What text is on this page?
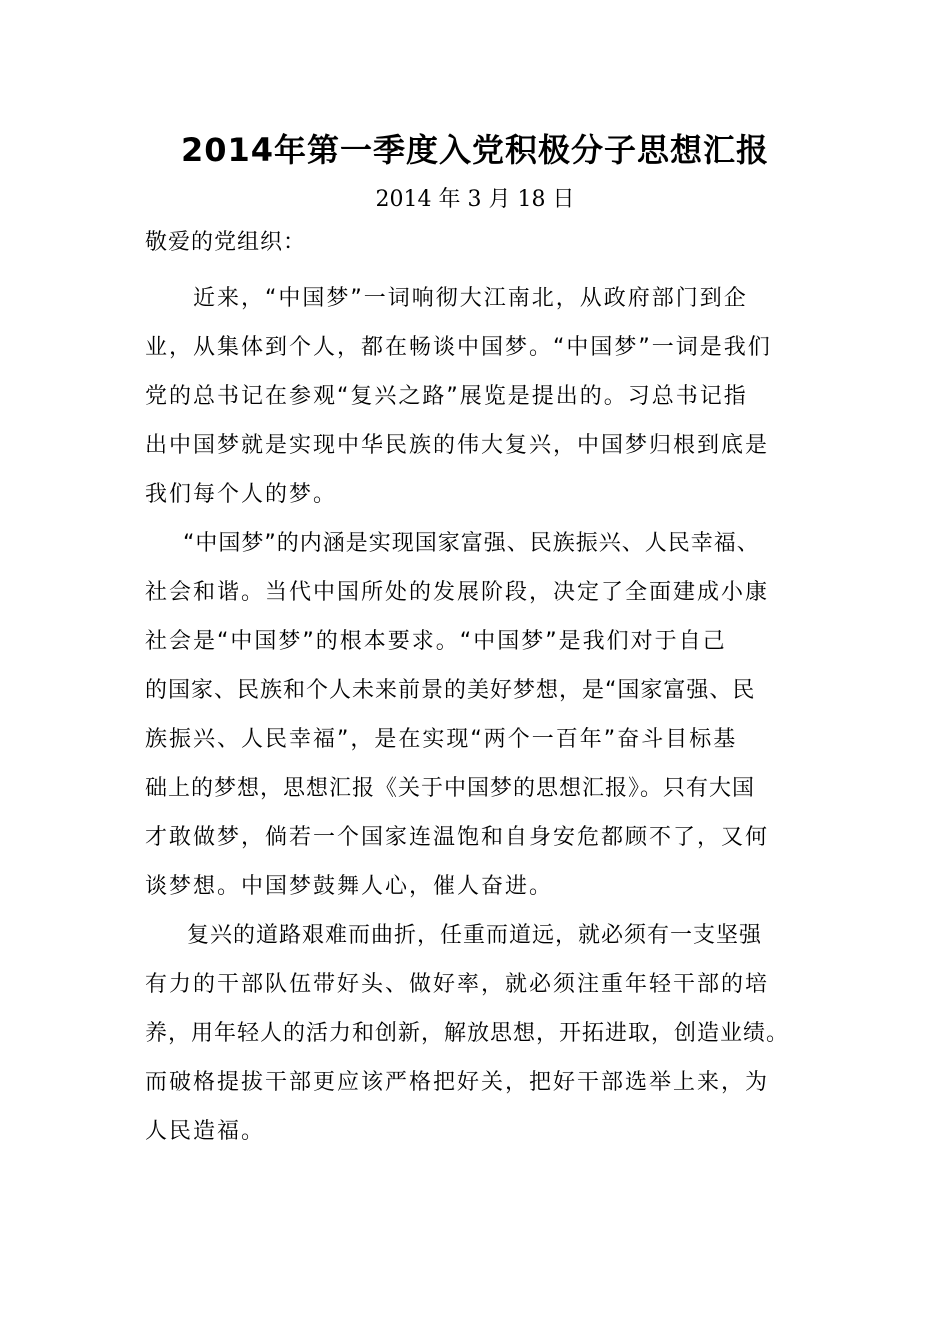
2014年第一季度入党积极分子思想汇报
2014 年 3 月 18 日
敬爱的党组织：
近来，“中国梦”一词响彻大江南北，从政府部门到企
业，从集体到个人，都在畅谈中国梦。“中国梦”一词是我们
党的总书记在参观“复兴之路”展览是提出的。习总书记指
出中国梦就是实现中华民族的伟大复兴，中国梦归根到底是
我们每个人的梦。
“中国梦”的内涵是实现国家富强、民族振兴、人民幸福、
社会和谐。当代中国所处的发展阶段，决定了全面建成小康
社会是“中国梦”的根本要求。“中国梦”是我们对于自己
的国家、民族和个人未来前景的美好梦想，是“国家富强、民
族振兴、人民幸福”，是在实现“两个一百年”奋斗目标基
础上的梦想，思想汇报《关于中国梦的思想汇报》。只有大国
才敢做梦，倘若一个国家连温饱和自身安危都顾不了，又何
谈梦想。中国梦鼓舞人心，催人奋进。
复兴的道路艰难而曲折，任重而道远，就必须有一支坚强
有力的干部队伍带好头、做好率，就必须注重年轻干部的培
养，用年轻人的活力和创新，解放思想，开拓进取，创造业绩。
而破格提拔干部更应该严格把好关，把好干部选举上来，为
人民造福。
